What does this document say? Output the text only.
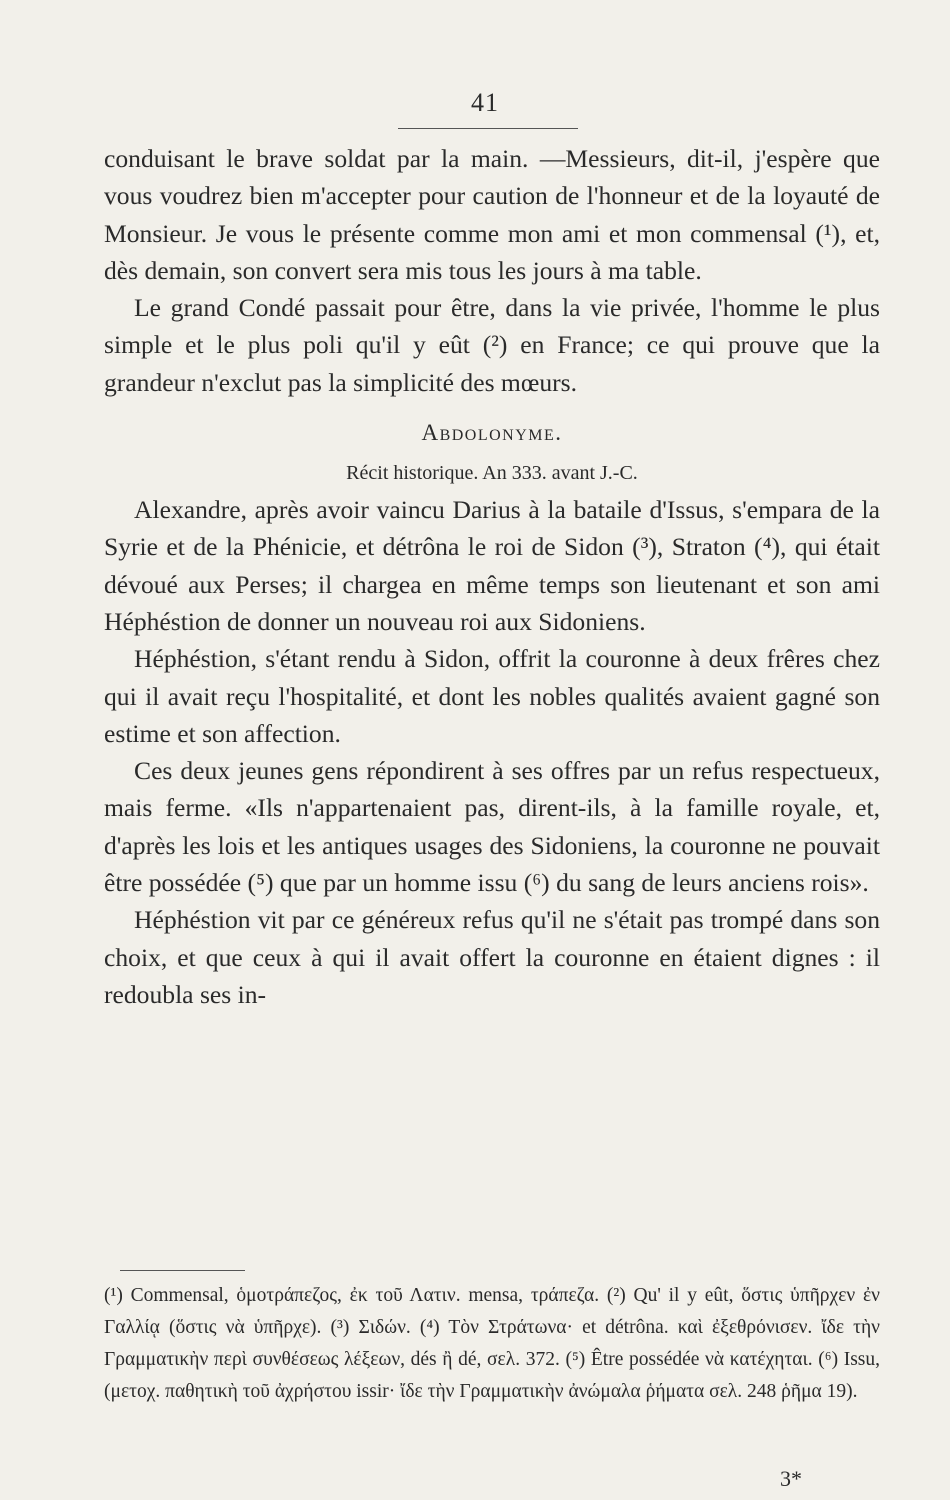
41

conduisant le brave soldat par la main. —Messieurs, dit-il, j'espère que vous voudrez bien m'accepter pour caution de l'honneur et de la loyauté de Monsieur. Je vous le présente comme mon ami et mon commensal (¹), et, dès demain, son convert sera mis tous les jours à ma table.

Le grand Condé passait pour être, dans la vie privée, l'homme le plus simple et le plus poli qu'il y eût (²) en France; ce qui prouve que la grandeur n'exclut pas la simplicité des mœurs.

Abdolonyme.

Récit historique. An 333. avant J.-C.

Alexandre, après avoir vaincu Darius à la bataile d'Issus, s'empara de la Syrie et de la Phénicie, et détrôna le roi de Sidon (³), Straton (⁴), qui était dévoué aux Perses; il chargea en même temps son lieutenant et son ami Héphéstion de donner un nouveau roi aux Sidoniens.

Héphéstion, s'étant rendu à Sidon, offrit la couronne à deux frêres chez qui il avait reçu l'hospitalité, et dont les nobles qualités avaient gagné son estime et son affection.

Ces deux jeunes gens répondirent à ses offres par un refus respectueux, mais ferme. «Ils n'appartenaient pas, dirent-ils, à la famille royale, et, d'après les lois et les antiques usages des Sidoniens, la couronne ne pouvait être possédée (⁵) que par un homme issu (⁶) du sang de leurs anciens rois».

Héphéstion vit par ce généreux refus qu'il ne s'était pas trompé dans son choix, et que ceux à qui il avait offert la couronne en étaient dignes : il redoubla ses in-

(¹) Commensal, ὁμοτράπεζος, ἐκ τοῦ Λατιν. mensa, τράπεζα. (²) Qu' il y eût, ὅστις ὑπῆρχεν ἐν Γαλλίᾳ (ὅστις νὰ ὑπῆρχε). (³) Σιδών. (⁴) Τὸν Στράτωνα· et détrôna. καὶ ἐξεθρόνισεν. ἴδε τὴν Γραμματικὴν περὶ συνθέσεως λέξεων, dés ἢ dé, σελ. 372. (⁵) Être possédée νὰ κατέχηται. (⁶) Issu, (μετοχ. παθητικὴ τοῦ ἀχρήστου issir· ἴδε τὴν Γραμματικὴν ἀνώμαλα ῥήματα σελ. 248 ῥῆμα 19).
3*
